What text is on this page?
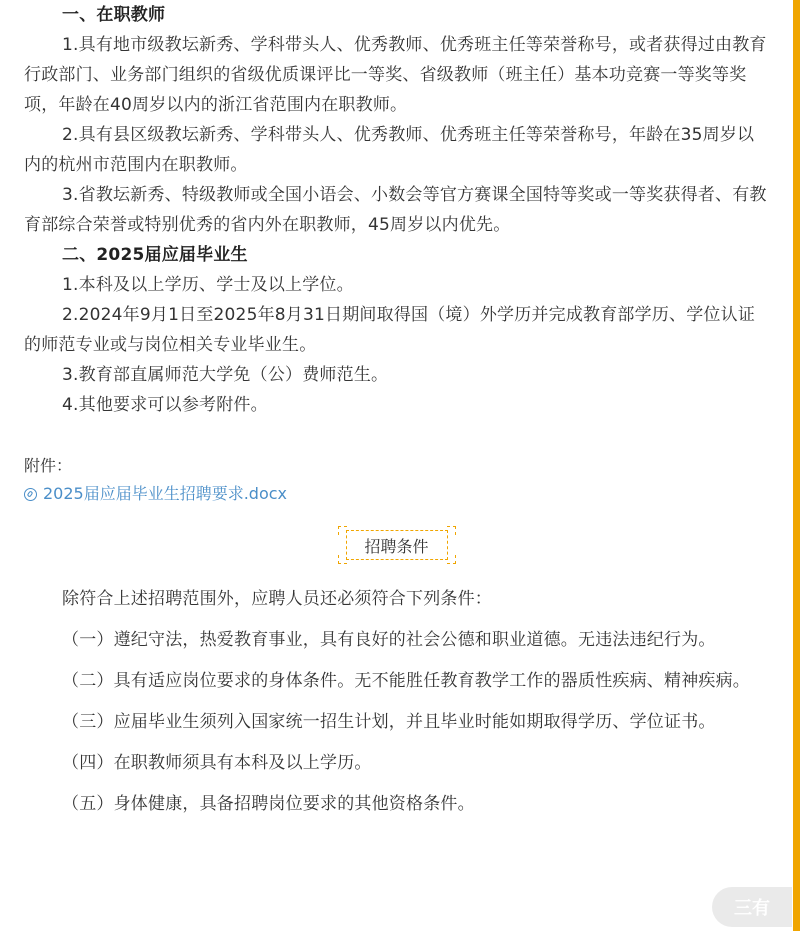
一、在职教师

1.具有地市级教坛新秀、学科带头人、优秀教师、优秀班主任等荣誉称号，或者获得过由教育行政部门、业务部门组织的省级优质课评比一等奖、省级教师（班主任）基本功竞赛一等奖等奖项，年龄在40周岁以内的浙江省范围内在职教师。

2.具有县区级教坛新秀、学科带头人、优秀教师、优秀班主任等荣誉称号，年龄在35周岁以内的杭州市范围内在职教师。

3.省教坛新秀、特级教师或全国小语会、小数会等官方赛课全国特等奖或一等奖获得者、有教育部综合荣誉或特别优秀的省内外在职教师，45周岁以内优先。

二、2025届应届毕业生

1.本科及以上学历、学士及以上学位。

2.2024年9月1日至2025年8月31日期间取得国（境）外学历并完成教育部学历、学位认证的师范专业或与岗位相关专业毕业生。

3.教育部直属师范大学免（公）费师范生。

4.其他要求可以参考附件。

附件：
2025届应届毕业生招聘要求.docx
招聘条件

除符合上述招聘范围外，应聘人员还必须符合下列条件：

（一）遵纪守法，热爱教育事业，具有良好的社会公德和职业道德。无违法违纪行为。

（二）具有适应岗位要求的身体条件。无不能胜任教育教学工作的器质性疾病、精神疾病。

（三）应届毕业生须列入国家统一招生计划，并且毕业时能如期取得学历、学位证书。

（四）在职教师须具有本科及以上学历。

（五）身体健康，具备招聘岗位要求的其他资格条件。

三有
